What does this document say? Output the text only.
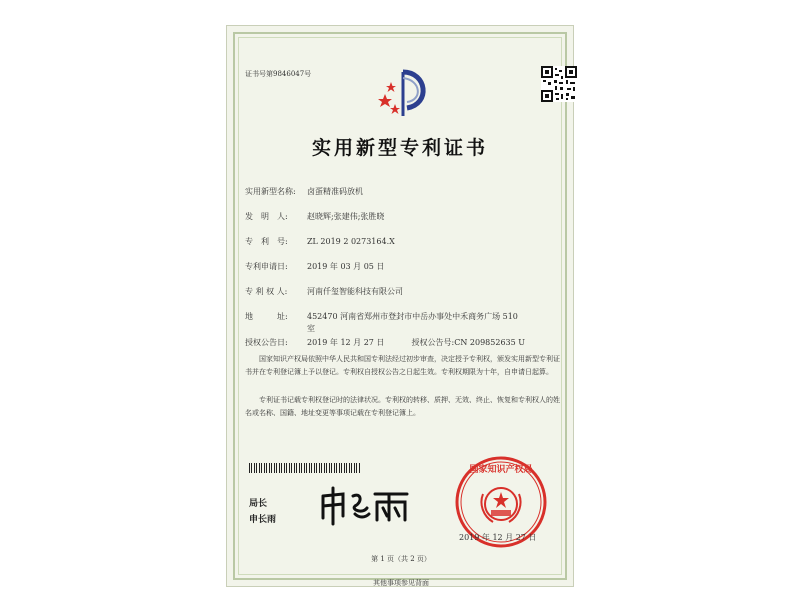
证书号第9846047号
实用新型专利证书
实用新型名称: 卤蛋精准码放机
发　明　人: 赵晓辉;张建伟;张胜晓
专　利　号: ZL 2019 2 0273164.X
专利申请日: 2019 年 03 月 05 日
专 利 权 人: 河南仟玺智能科技有限公司
地　　　址: 452470 河南省郑州市登封市中岳办事处中禾商务广场 510
室
授权公告日: 2019 年 12 月 27 日	授权公告号:CN 209852635 U
国家知识产权局依照中华人民共和国专利法经过初步审查，决定授予专利权，颁发实用新型专利证书并在专利登记簿上予以登记。专利权自授权公告之日起生效。专利权期限为十年，自申请日起算。
专利证书记载专利权登记时的法律状况。专利权的转移、质押、无效、终止、恢复和专利权人的姓名或名称、国籍、地址变更等事项记载在专利登记簿上。
局长
申长雨
国家知识产权局
2019 年 12 月 27 日
第 1 页（共 2 页）
其他事项参见背面
